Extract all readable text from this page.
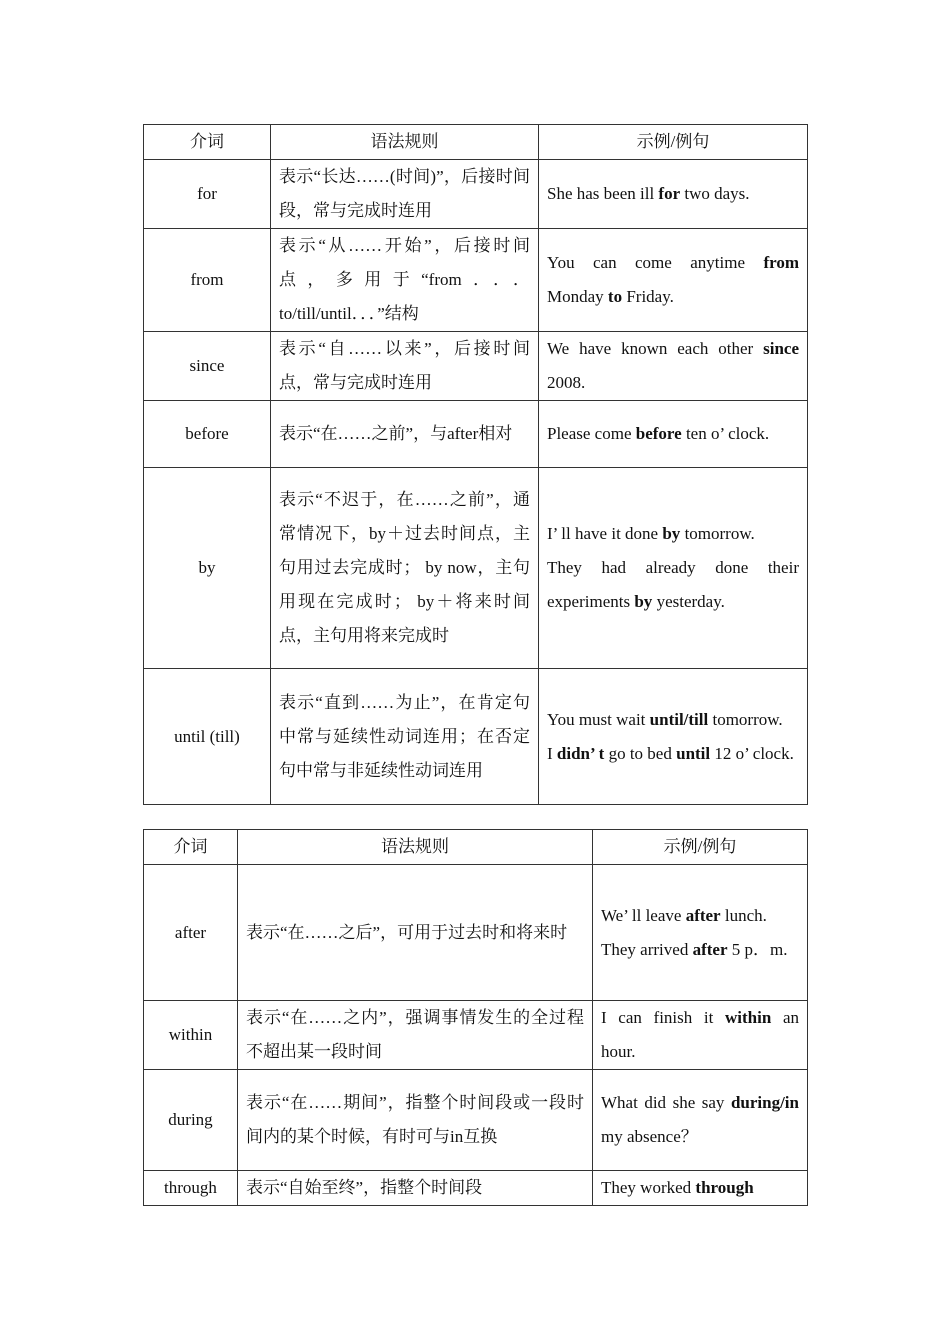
介词	语法规则	示例/例句
for	表示“长达……(时间)”，后接时间段，常与完成时连用	She has been ill for two days.

from	表示“从……开始”，后接时间点，多用于“from．．．to/till/until．．．”结构	You can come anytime from Monday to Friday.

since	表示“自……以来”，后接时间点，常与完成时连用	We have known each other since 2008.

before	表示“在……之前”，与after相对	Please come before ten o’ clock.

by	表示“不迟于，在……之前”，通常情况下，by＋过去时间点，主句用过去完成时； by now，主句用现在完成时； by＋将来时间点，主句用将来完成时	I’ ll have it done by tomorrow.
They had already done their experiments by yesterday.

until (till)	表示“直到……为止”，在肯定句中常与延续性动词连用；在否定句中常与非延续性动词连用	You must wait until/till tomorrow.
I didn’ t go to bed until 12 o’ clock.
介词	语法规则	示例/例句
after	表示“在……之后”，可用于过去时和将来时	We’ ll leave after lunch.
They arrived after 5 p．m.

within	表示“在……之内”，强调事情发生的全过程不超出某一段时间	I can finish it within an hour.

during	表示“在……期间”，指整个时间段或一段时间内的某个时候，有时可与in互换	What did she say during/in my absence？

through	表示“自始至终”，指整个时间段	They worked through
